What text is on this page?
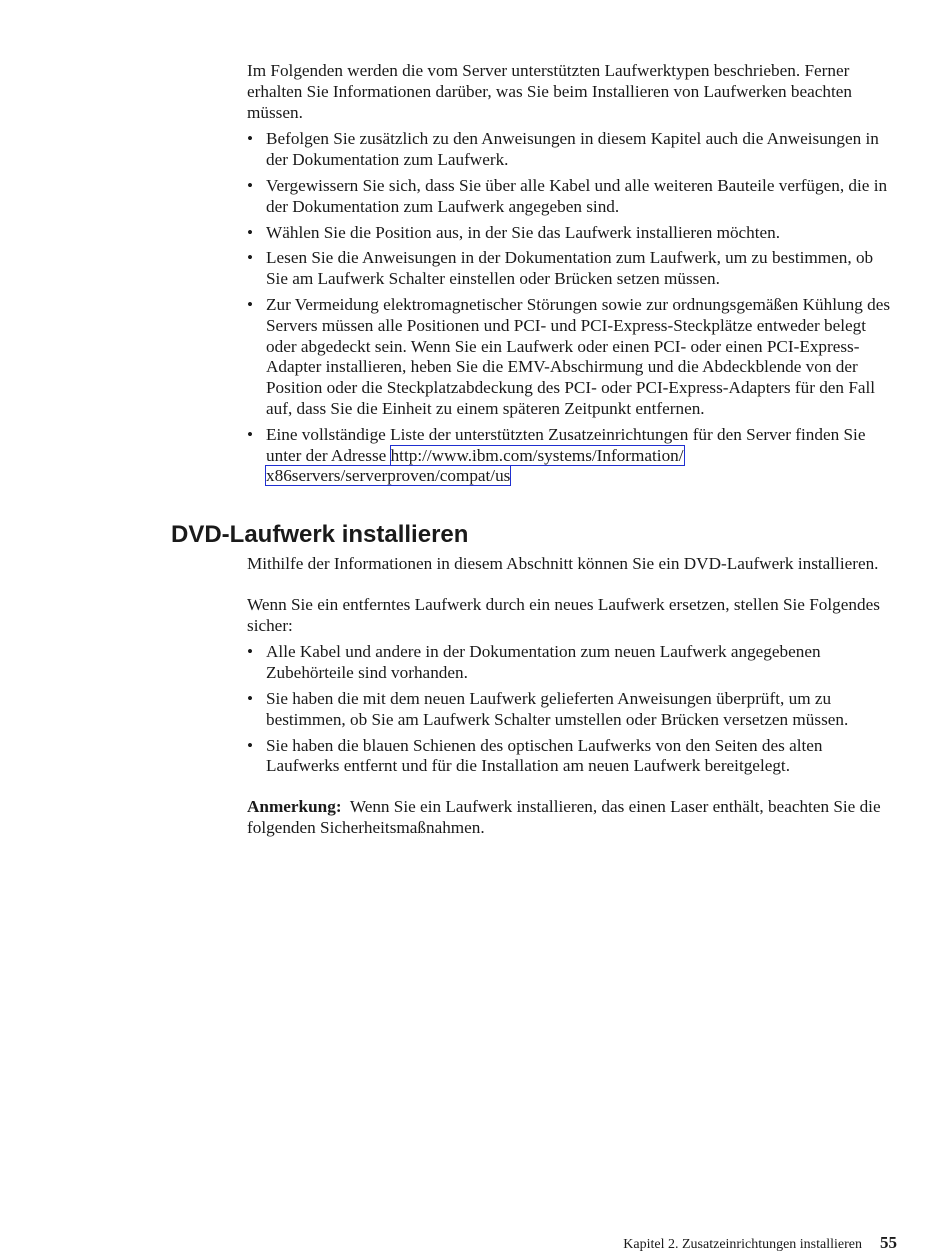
Im Folgenden werden die vom Server unterstützten Laufwerktypen beschrieben. Ferner erhalten Sie Informationen darüber, was Sie beim Installieren von Laufwerken beachten müssen.

• Befolgen Sie zusätzlich zu den Anweisungen in diesem Kapitel auch die Anweisungen in der Dokumentation zum Laufwerk.
• Vergewissern Sie sich, dass Sie über alle Kabel und alle weiteren Bauteile verfügen, die in der Dokumentation zum Laufwerk angegeben sind.
• Wählen Sie die Position aus, in der Sie das Laufwerk installieren möchten.
• Lesen Sie die Anweisungen in der Dokumentation zum Laufwerk, um zu bestimmen, ob Sie am Laufwerk Schalter einstellen oder Brücken setzen müssen.
• Zur Vermeidung elektromagnetischer Störungen sowie zur ordnungsgemäßen Kühlung des Servers müssen alle Positionen und PCI- und PCI-Express-Steckplätze entweder belegt oder abgedeckt sein. Wenn Sie ein Laufwerk oder einen PCI- oder einen PCI-Express-Adapter installieren, heben Sie die EMV-Abschirmung und die Abdeckblende von der Position oder die Steckplatzabdeckung des PCI- oder PCI-Express-Adapters für den Fall auf, dass Sie die Einheit zu einem späteren Zeitpunkt entfernen.
• Eine vollständige Liste der unterstützten Zusatzeinrichtungen für den Server finden Sie unter der Adresse http://www.ibm.com/systems/Information/
x86servers/serverproven/compat/us
DVD-Laufwerk installieren

Mithilfe der Informationen in diesem Abschnitt können Sie ein DVD-Laufwerk installieren.

Wenn Sie ein entferntes Laufwerk durch ein neues Laufwerk ersetzen, stellen Sie Folgendes sicher:

• Alle Kabel und andere in der Dokumentation zum neuen Laufwerk angegebenen Zubehörteile sind vorhanden.
• Sie haben die mit dem neuen Laufwerk gelieferten Anweisungen überprüft, um zu bestimmen, ob Sie am Laufwerk Schalter umstellen oder Brücken versetzen müssen.
• Sie haben die blauen Schienen des optischen Laufwerks von den Seiten des alten Laufwerks entfernt und für die Installation am neuen Laufwerk bereitgelegt.

Anmerkung: Wenn Sie ein Laufwerk installieren, das einen Laser enthält, beachten Sie die folgenden Sicherheitsmaßnahmen.

Kapitel 2. Zusatzeinrichtungen installieren 55
